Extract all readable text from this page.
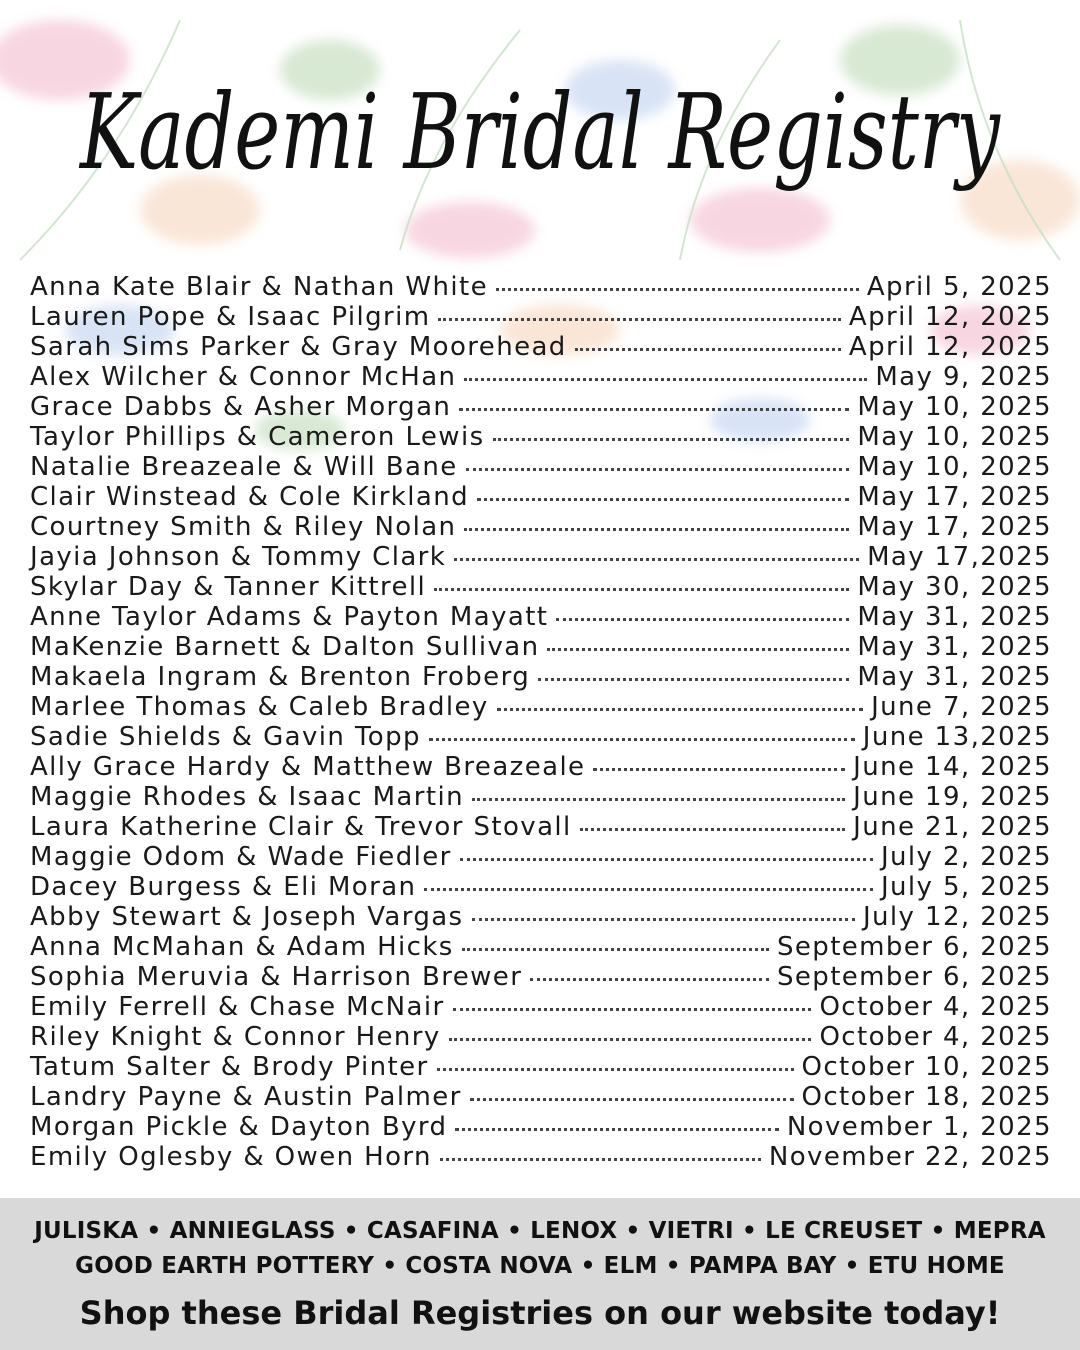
Kademi Bridal Registry
Anna Kate Blair & Nathan White	April 5, 2025
Lauren Pope & Isaac Pilgrim	April 12, 2025
Sarah Sims Parker & Gray Moorehead	April 12, 2025
Alex Wilcher & Connor McHan	May 9, 2025
Grace Dabbs & Asher Morgan	May 10, 2025
Taylor Phillips & Cameron Lewis	May 10, 2025
Natalie Breazeale & Will Bane	May 10, 2025
Clair Winstead & Cole Kirkland	May 17, 2025
Courtney Smith & Riley Nolan	May 17, 2025
Jayia Johnson & Tommy Clark	May 17,2025
Skylar Day & Tanner Kittrell	May 30, 2025
Anne Taylor Adams & Payton Mayatt	May 31, 2025
MaKenzie Barnett & Dalton Sullivan	May 31, 2025
Makaela Ingram & Brenton Froberg	May 31, 2025
Marlee Thomas & Caleb Bradley	June 7, 2025
Sadie Shields & Gavin Topp	June 13,2025
Ally Grace Hardy & Matthew Breazeale	June 14, 2025
Maggie Rhodes & Isaac Martin	June 19, 2025
Laura Katherine Clair & Trevor Stovall	June 21, 2025
Maggie Odom & Wade Fiedler	July 2, 2025
Dacey Burgess & Eli Moran	July 5, 2025
Abby Stewart & Joseph Vargas	July 12, 2025
Anna McMahan & Adam Hicks	September 6, 2025
Sophia Meruvia & Harrison Brewer	September 6, 2025
Emily Ferrell & Chase McNair	October 4, 2025
Riley Knight & Connor Henry	October 4, 2025
Tatum Salter & Brody Pinter	October 10, 2025
Landry Payne & Austin Palmer	October 18, 2025
Morgan Pickle & Dayton Byrd	November 1, 2025
Emily Oglesby & Owen Horn	November 22, 2025

JULISKA • ANNIEGLASS • CASAFINA • LENOX • VIETRI • LE CREUSET • MEPRA
GOOD EARTH POTTERY • COSTA NOVA • ELM • PAMPA BAY • ETU HOME

Shop these Bridal Registries on our website today!
